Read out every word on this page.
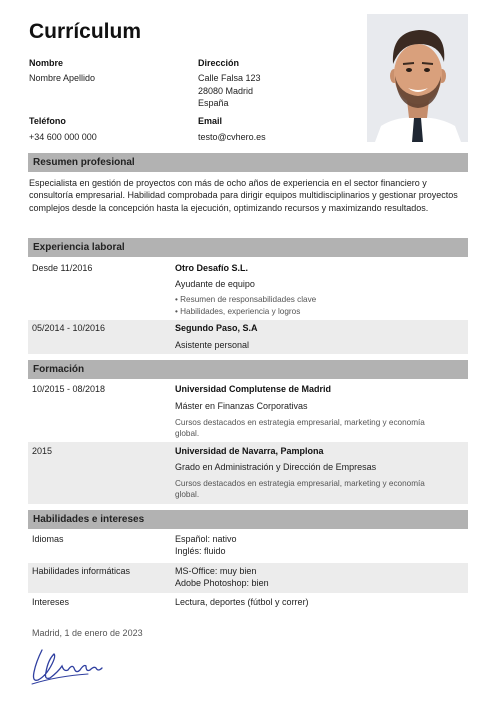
Currículum
Nombre
Nombre Apellido
Dirección
Calle Falsa 123
28080 Madrid
España
Teléfono
+34 600 000 000
Email
testo@cvhero.es
Resumen profesional
Especialista en gestión de proyectos con más de ocho años de experiencia en el sector financiero y consultoría empresarial. Habilidad comprobada para dirigir equipos multidisciplinarios y gestionar proyectos complejos desde la concepción hasta la ejecución, optimizando recursos y maximizando resultados.
Experiencia laboral
Desde 11/2016	Otro Desafío S.L.
Ayudante de equipo
• Resumen de responsabilidades clave
• Habilidades, experiencia y logros
05/2014 - 10/2016	Segundo Paso, S.A
Asistente personal
Formación
10/2015 - 08/2018	Universidad Complutense de Madrid
Máster en Finanzas Corporativas
Cursos destacados en estrategia empresarial, marketing y economía
global.
2015	Universidad de Navarra, Pamplona
Grado en Administración y Dirección de Empresas
Cursos destacados en estrategia empresarial, marketing y economía
global.
Habilidades e intereses
Idiomas	Español: nativo
Inglés: fluido
Habilidades informáticas	MS-Office: muy bien
Adobe Photoshop: bien
Intereses	Lectura, deportes (fútbol y correr)
Madrid, 1 de enero de 2023
